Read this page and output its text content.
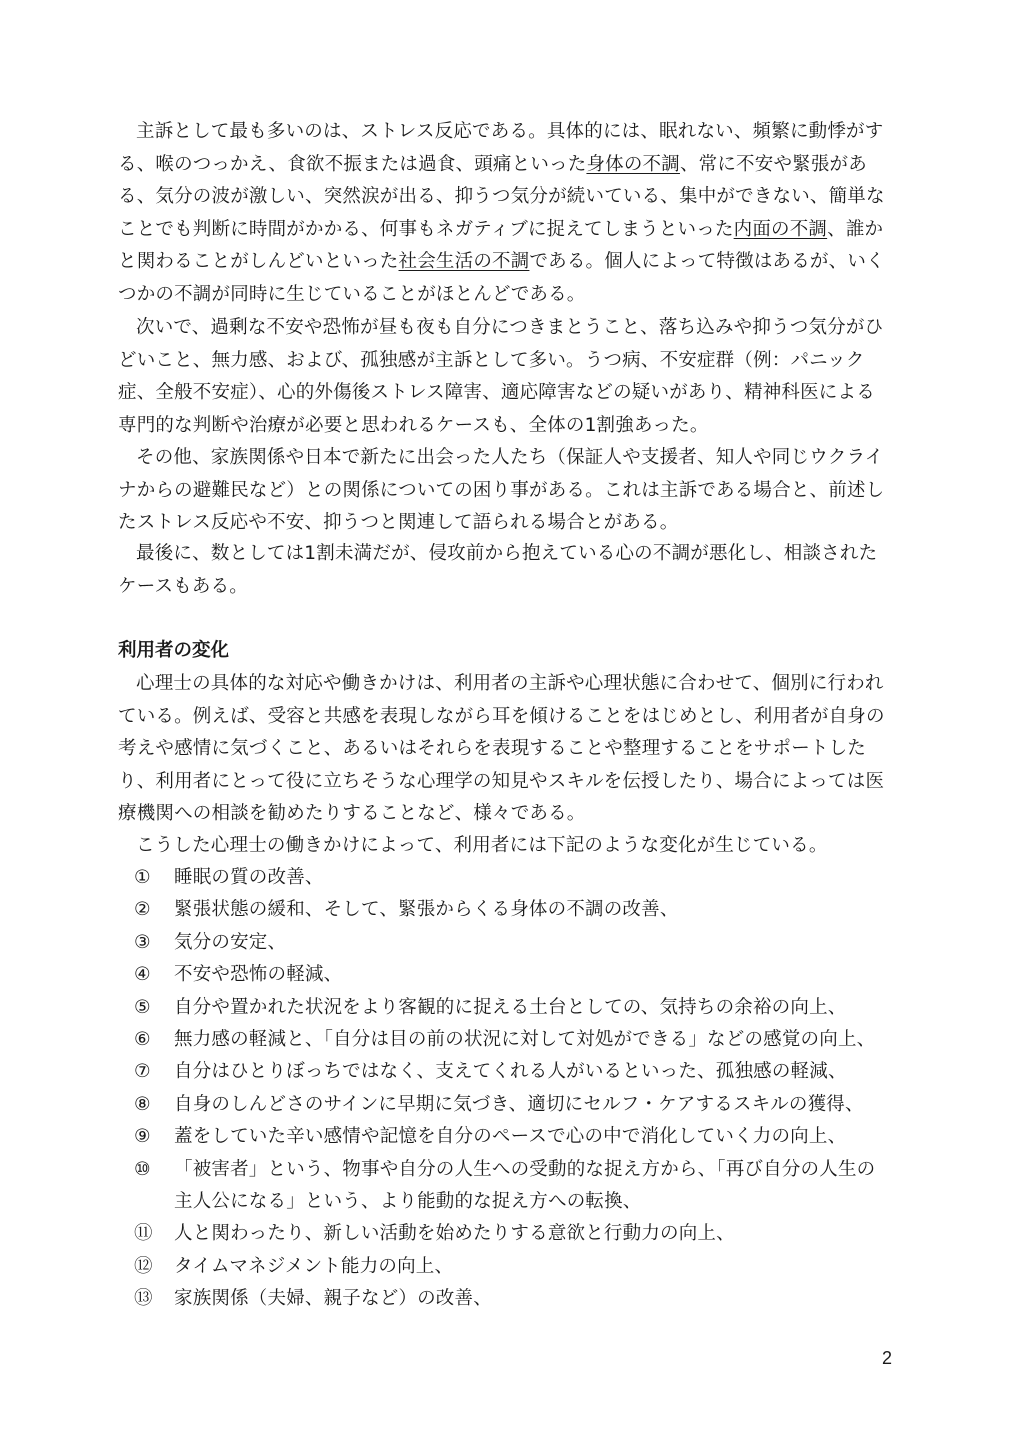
主訴として最も多いのは、ストレス反応である。具体的には、眠れない、頻繁に動悸がする、喉のつっかえ、食欲不振または過食、頭痛といった身体の不調、常に不安や緊張がある、気分の波が激しい、突然涙が出る、抑うつ気分が続いている、集中ができない、簡単なことでも判断に時間がかかる、何事もネガティブに捉えてしまうといった内面の不調、誰かと関わることがしんどいといった社会生活の不調である。個人によって特徴はあるが、いくつかの不調が同時に生じていることがほとんどである。

次いで、過剰な不安や恐怖が昼も夜も自分につきまとうこと、落ち込みや抑うつ気分がひどいこと、無力感、および、孤独感が主訴として多い。うつ病、不安症群（例：パニック症、全般不安症）、心的外傷後ストレス障害、適応障害などの疑いがあり、精神科医による専門的な判断や治療が必要と思われるケースも、全体の1割強あった。

その他、家族関係や日本で新たに出会った人たち（保証人や支援者、知人や同じウクライナからの避難民など）との関係についての困り事がある。これは主訴である場合と、前述したストレス反応や不安、抑うつと関連して語られる場合とがある。

最後に、数としては1割未満だが、侵攻前から抱えている心の不調が悪化し、相談されたケースもある。

利用者の変化

心理士の具体的な対応や働きかけは、利用者の主訴や心理状態に合わせて、個別に行われている。例えば、受容と共感を表現しながら耳を傾けることをはじめとし、利用者が自身の考えや感情に気づくこと、あるいはそれらを表現することや整理することをサポートしたり、利用者にとって役に立ちそうな心理学の知見やスキルを伝授したり、場合によっては医療機関への相談を勧めたりすることなど、様々である。

こうした心理士の働きかけによって、利用者には下記のような変化が生じている。

①	睡眠の質の改善、
②	緊張状態の緩和、そして、緊張からくる身体の不調の改善、
③	気分の安定、
④	不安や恐怖の軽減、
⑤	自分や置かれた状況をより客観的に捉える土台としての、気持ちの余裕の向上、
⑥	無力感の軽減と、「自分は目の前の状況に対して対処ができる」などの感覚の向上、
⑦	自分はひとりぼっちではなく、支えてくれる人がいるといった、孤独感の軽減、
⑧	自身のしんどさのサインに早期に気づき、適切にセルフ・ケアするスキルの獲得、
⑨	蓋をしていた辛い感情や記憶を自分のペースで心の中で消化していく力の向上、
⑩	「被害者」という、物事や自分の人生への受動的な捉え方から、「再び自分の人生の主人公になる」という、より能動的な捉え方への転換、
⑪	人と関わったり、新しい活動を始めたりする意欲と行動力の向上、
⑫	タイムマネジメント能力の向上、
⑬	家族関係（夫婦、親子など）の改善、
2
